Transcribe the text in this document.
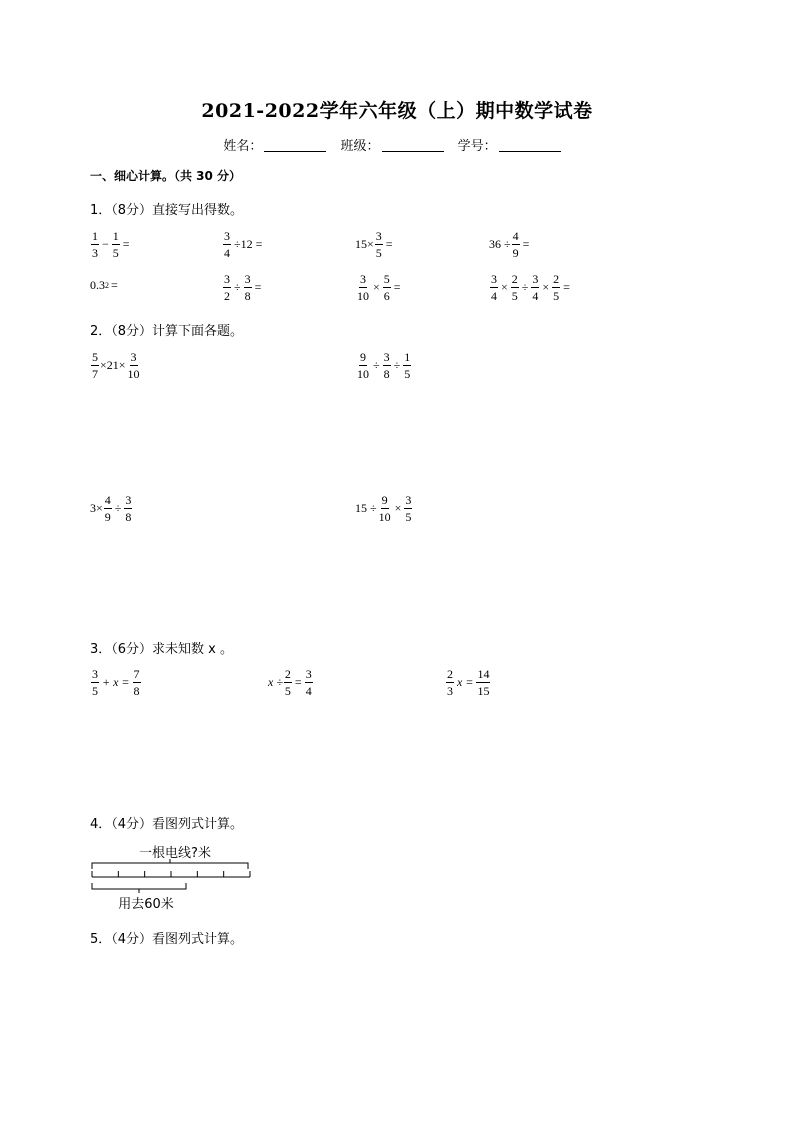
2021-2022学年六年级（上）期中数学试卷
姓名：	班级：	学号：
一、细心计算。（共 30 分）
1．（8分）直接写出得数。
$\frac{1}{3} - \frac{1}{5}$ =	$\frac{3}{4} \div 12$ =	$15\times \frac{3}{5}$ =	$36 \div \frac{4}{9}$ =
0.3 2 =	$\frac{3}{2} \div \frac{3}{8}$ =	$\frac{3}{10} \times \frac{5}{6}$ =	$\frac{3}{4} \times \frac{2}{5} \div \frac{3}{4} \times \frac{2}{5}$ =
2．（8分）计算下面各题。
$\frac{5}{7} \times 21\times \frac{3}{10}$	$\frac{9}{10} \div \frac{3}{8} \div \frac{1}{5}$
$3\times \frac{4}{9} \div \frac{3}{8}$	$15 \div \frac{9}{10} \times \frac{3}{5}$
3．（6分）求未知数 x 。
$\frac{3}{5} + x = \frac{7}{8}$	$x \div \frac{2}{5} = \frac{3}{4}$	$\frac{2}{3}$ $x = \frac{14}{15}$
4．（4分）看图列式计算。
一根电线?米
用去60米
5．（4分）看图列式计算。
